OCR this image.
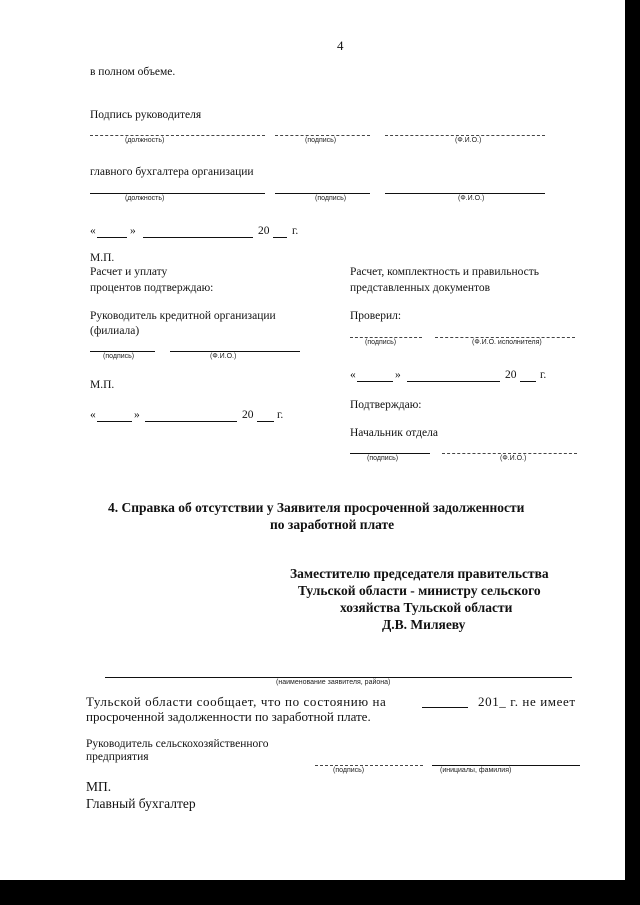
4
в полном объеме.
Подпись руководителя
(должность)	(подпись)	(Ф.И.О.)
главного бухгалтера организации
(должность)	(подпись)	(Ф.И.О.)
«	»	20 г.
М.П.
Расчет и уплату
процентов подтверждаю:
Руководитель кредитной организации
(филиала)
(подпись)	(Ф.И.О.)
М.П.
«	»	20 г.
Расчет, комплектность и правильность
представленных документов
Проверил:
(подпись)	(Ф.И.О. исполнителя)
«	»	20 г.
Подтверждаю:
Начальник отдела
(подпись)	(Ф.И.О.)
4. Справка об отсутствии у Заявителя просроченной задолженности
по заработной плате
Заместителю председателя правительства
Тульской области - министру сельского
хозяйства Тульской области
Д.В. Миляеву
(наименование заявителя, района)
Тульской области сообщает, что по состоянию на	201_ г. не имеет
просроченной задолженности по заработной плате.
Руководитель сельскохозяйственного
предприятия
(подпись)	(инициалы, фамилия)
МП.
Главный бухгалтер
